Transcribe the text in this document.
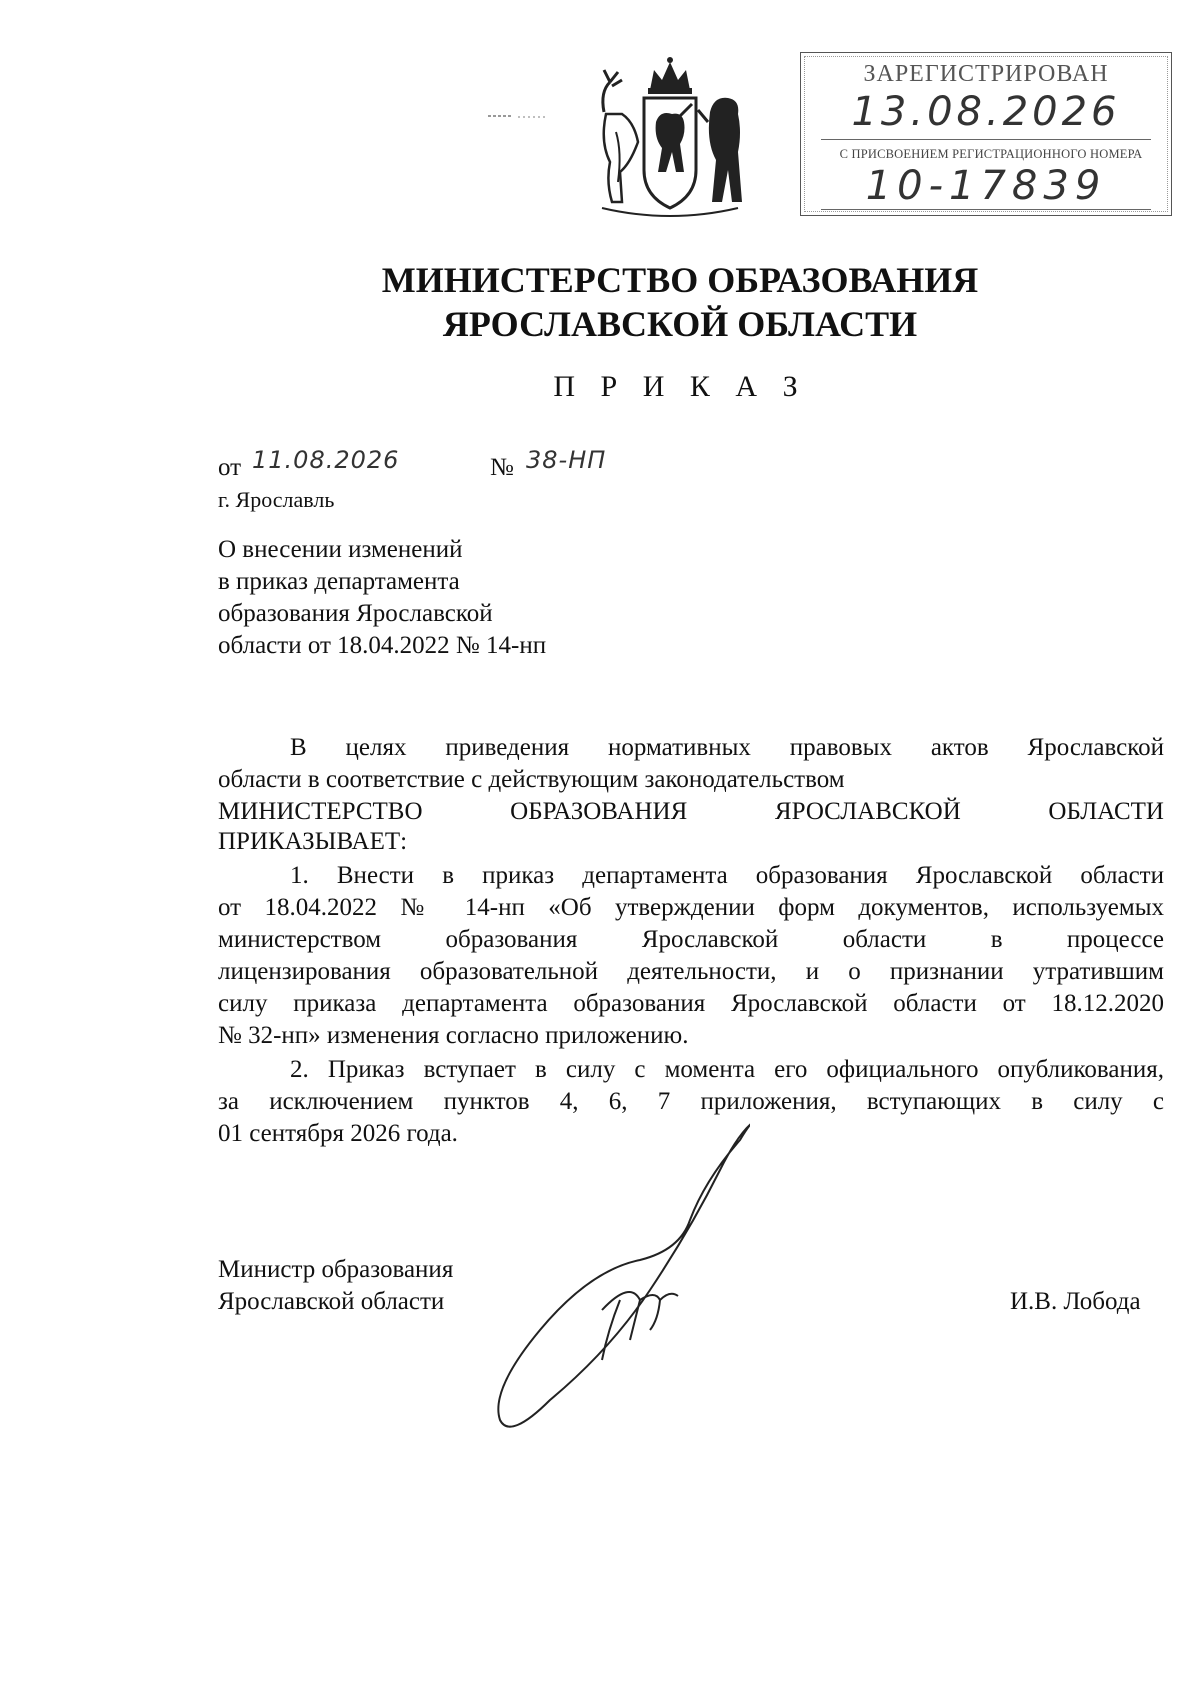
ЗАРЕГИСТРИРОВАН
13.08.2026
С ПРИСВОЕНИЕМ РЕГИСТРАЦИОННОГО НОМЕРА
10-17839
МИНИСТЕРСТВО ОБРАЗОВАНИЯ
ЯРОСЛАВСКОЙ ОБЛАСТИ
П Р И К А З
от 11.08.2026	№ 38-НП
г. Ярославль
О внесении изменений
в приказ департамента
образования Ярославской
области от 18.04.2022 № 14-нп
В целях приведения нормативных правовых актов Ярославской
области в соответствие с действующим законодательством
МИНИСТЕРСТВО ОБРАЗОВАНИЯ ЯРОСЛАВСКОЙ ОБЛАСТИ
ПРИКАЗЫВАЕТ:
1. Внести в приказ департамента образования Ярославской области
от 18.04.2022 № 14-нп «Об утверждении форм документов, используемых
министерством образования Ярославской области в процессе
лицензирования образовательной деятельности, и о признании утратившим
силу приказа департамента образования Ярославской области от 18.12.2020
№ 32-нп» изменения согласно приложению.
2. Приказ вступает в силу с момента его официального опубликования,
за исключением пунктов 4, 6, 7 приложения, вступающих в силу с
01 сентября 2026 года.
Министр образования
Ярославской области	И.В. Лобода
